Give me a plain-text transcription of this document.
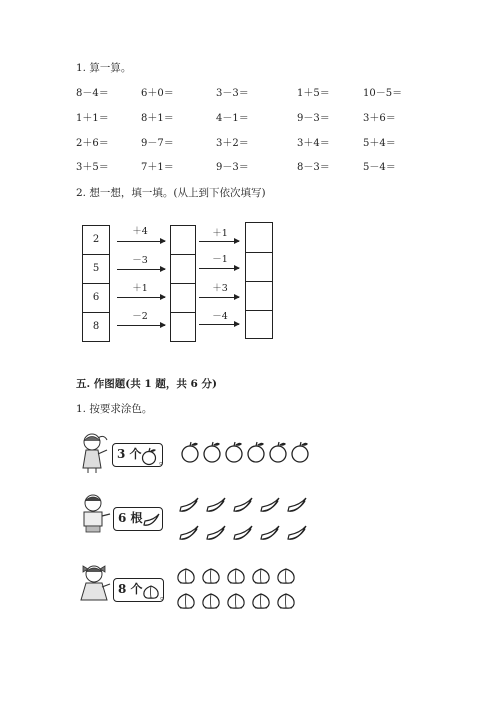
1. 算一算。
8－4＝	6＋0＝	3－3＝	1＋5＝	10－5＝
1＋1＝	8＋1＝	4－1＝	9－3＝	3＋6＝
2＋6＝	9－7＝	3＋2＝	3＋4＝	5＋4＝
3＋5＝	7＋1＝	9－3＝	8－3＝	5－4＝
2. 想一想，填一填。(从上到下依次填写)
2
5
6
8
＋4
－3
＋1
－2
＋1
－1
＋3
－4
五. 作图题(共 1 题，共 6 分)
1. 按要求涂色。
3 个
。
6 根
8 个
。
